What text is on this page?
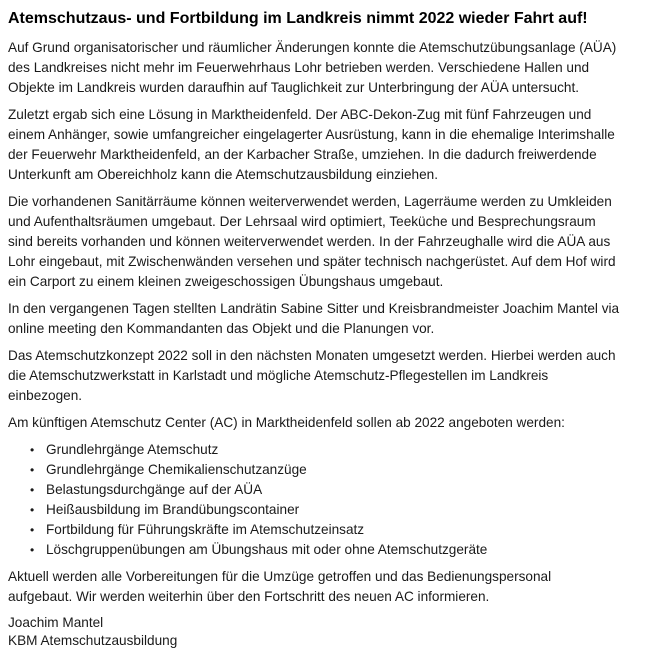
Atemschutzaus- und Fortbildung im Landkreis nimmt 2022 wieder Fahrt auf!

Auf Grund organisatorischer und räumlicher Änderungen konnte die Atemschutzübungsanlage (AÜA)
des Landkreises nicht mehr im Feuerwehrhaus Lohr betrieben werden. Verschiedene Hallen und
Objekte im Landkreis wurden daraufhin auf Tauglichkeit zur Unterbringung der AÜA untersucht.

Zuletzt ergab sich eine Lösung in Marktheidenfeld. Der ABC-Dekon-Zug mit fünf Fahrzeugen und
einem Anhänger, sowie umfangreicher eingelagerter Ausrüstung, kann in die ehemalige Interimshalle
der Feuerwehr Marktheidenfeld, an der Karbacher Straße, umziehen. In die dadurch freiwerdende
Unterkunft am Obereichholz kann die Atemschutzausbildung einziehen.

Die vorhandenen Sanitärräume können weiterverwendet werden, Lagerräume werden zu Umkleiden
und Aufenthaltsräumen umgebaut. Der Lehrsaal wird optimiert, Teeküche und Besprechungsraum
sind bereits vorhanden und können weiterverwendet werden. In der Fahrzeughalle wird die AÜA aus
Lohr eingebaut, mit Zwischenwänden versehen und später technisch nachgerüstet. Auf dem Hof wird
ein Carport zu einem kleinen zweigeschossigen Übungshaus umgebaut.

In den vergangenen Tagen stellten Landrätin Sabine Sitter und Kreisbrandmeister Joachim Mantel via
online meeting den Kommandanten das Objekt und die Planungen vor.

Das Atemschutzkonzept 2022 soll in den nächsten Monaten umgesetzt werden. Hierbei werden auch
die Atemschutzwerkstatt in Karlstadt und mögliche Atemschutz-Pflegestellen im Landkreis
einbezogen.

Am künftigen Atemschutz Center (AC) in Marktheidenfeld sollen ab 2022 angeboten werden:

• Grundlehrgänge Atemschutz
• Grundlehrgänge Chemikalienschutzanzüge
• Belastungsdurchgänge auf der AÜA
• Heißausbildung im Brandübungscontainer
• Fortbildung für Führungskräfte im Atemschutzeinsatz
• Löschgruppenübungen am Übungshaus mit oder ohne Atemschutzgeräte

Aktuell werden alle Vorbereitungen für die Umzüge getroffen und das Bedienungspersonal
aufgebaut. Wir werden weiterhin über den Fortschritt des neuen AC informieren.

Joachim Mantel
KBM Atemschutzausbildung
